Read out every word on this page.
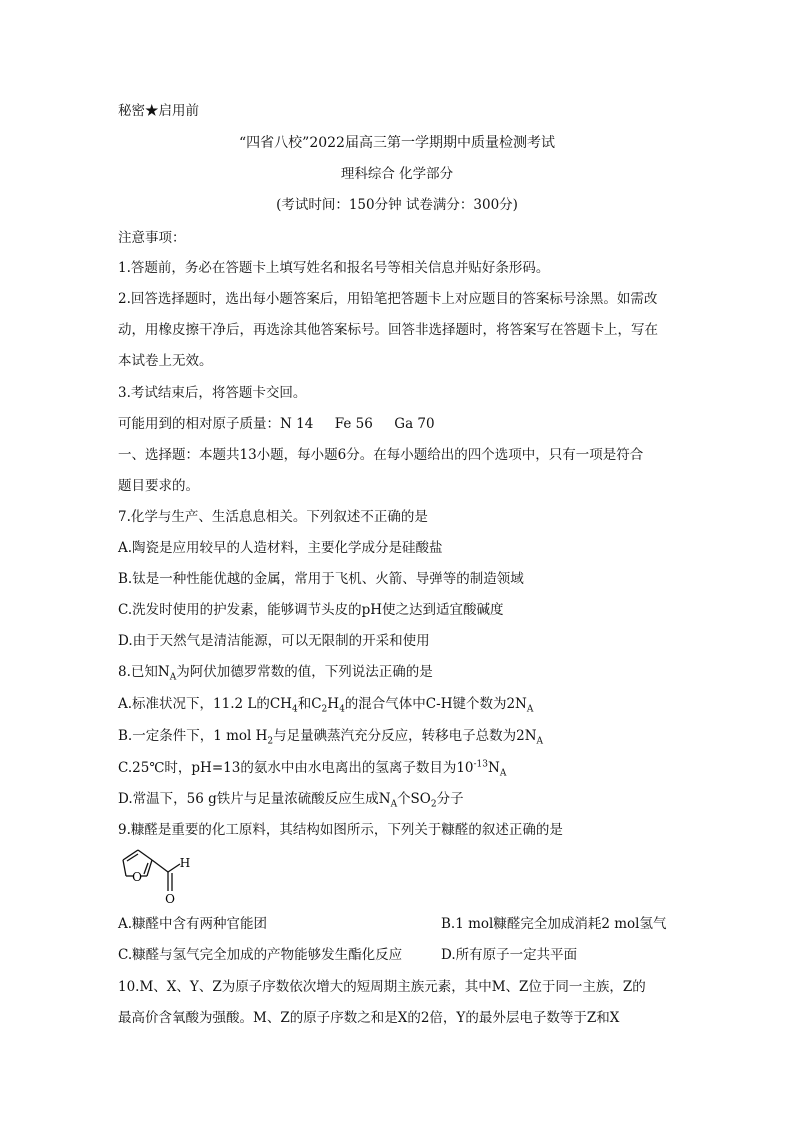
秘密★启用前
“四省八校”2022届高三第一学期期中质量检测考试
理科综合 化学部分
(考试时间：150分钟 试卷满分：300分)
注意事项：
1.答题前，务必在答题卡上填写姓名和报名号等相关信息并贴好条形码。
2.回答选择题时，选出每小题答案后，用铅笔把答题卡上对应题目的答案标号涂黑。如需改
动，用橡皮擦干净后，再选涂其他答案标号。回答非选择题时，将答案写在答题卡上，写在
本试卷上无效。
3.考试结束后，将答题卡交回。
可能用到的相对原子质量：N 14     Fe 56     Ga 70
一、选择题：本题共13小题，每小题6分。在每小题给出的四个选项中，只有一项是符合
题目要求的。
7.化学与生产、生活息息相关。下列叙述不正确的是
A.陶瓷是应用较早的人造材料，主要化学成分是硅酸盐
B.钛是一种性能优越的金属，常用于飞机、火箭、导弹等的制造领域
C.洗发时使用的护发素，能够调节头皮的pH使之达到适宜酸碱度
D.由于天然气是清洁能源，可以无限制的开采和使用
8.已知$N_A$为阿伏加德罗常数的值，下列说法正确的是
A.标准状况下，11.2 L的$CH_4$和$C_2H_4$的混合气体中C-H键个数为$2N_A$
B.一定条件下，1 mol $H_2$与足量碘蒸汽充分反应，转移电子总数为$2N_A$
C.25℃时，pH=13的氨水中由水电离出的氢离子数目为$10^{-13}N_A$
D.常温下，56 g铁片与足量浓硫酸反应生成$N_A$个$SO_2$分子
9.糠醛是重要的化工原料，其结构如图所示，下列关于糠醛的叙述正确的是
O
H
O
A.糠醛中含有两种官能团	B.1 mol糠醛完全加成消耗2 mol氢气
C.糠醛与氢气完全加成的产物能够发生酯化反应	D.所有原子一定共平面
10.M、X、Y、Z为原子序数依次增大的短周期主族元素，其中M、Z位于同一主族，Z的
最高价含氧酸为强酸。M、Z的原子序数之和是X的2倍，Y的最外层电子数等于Z和X
